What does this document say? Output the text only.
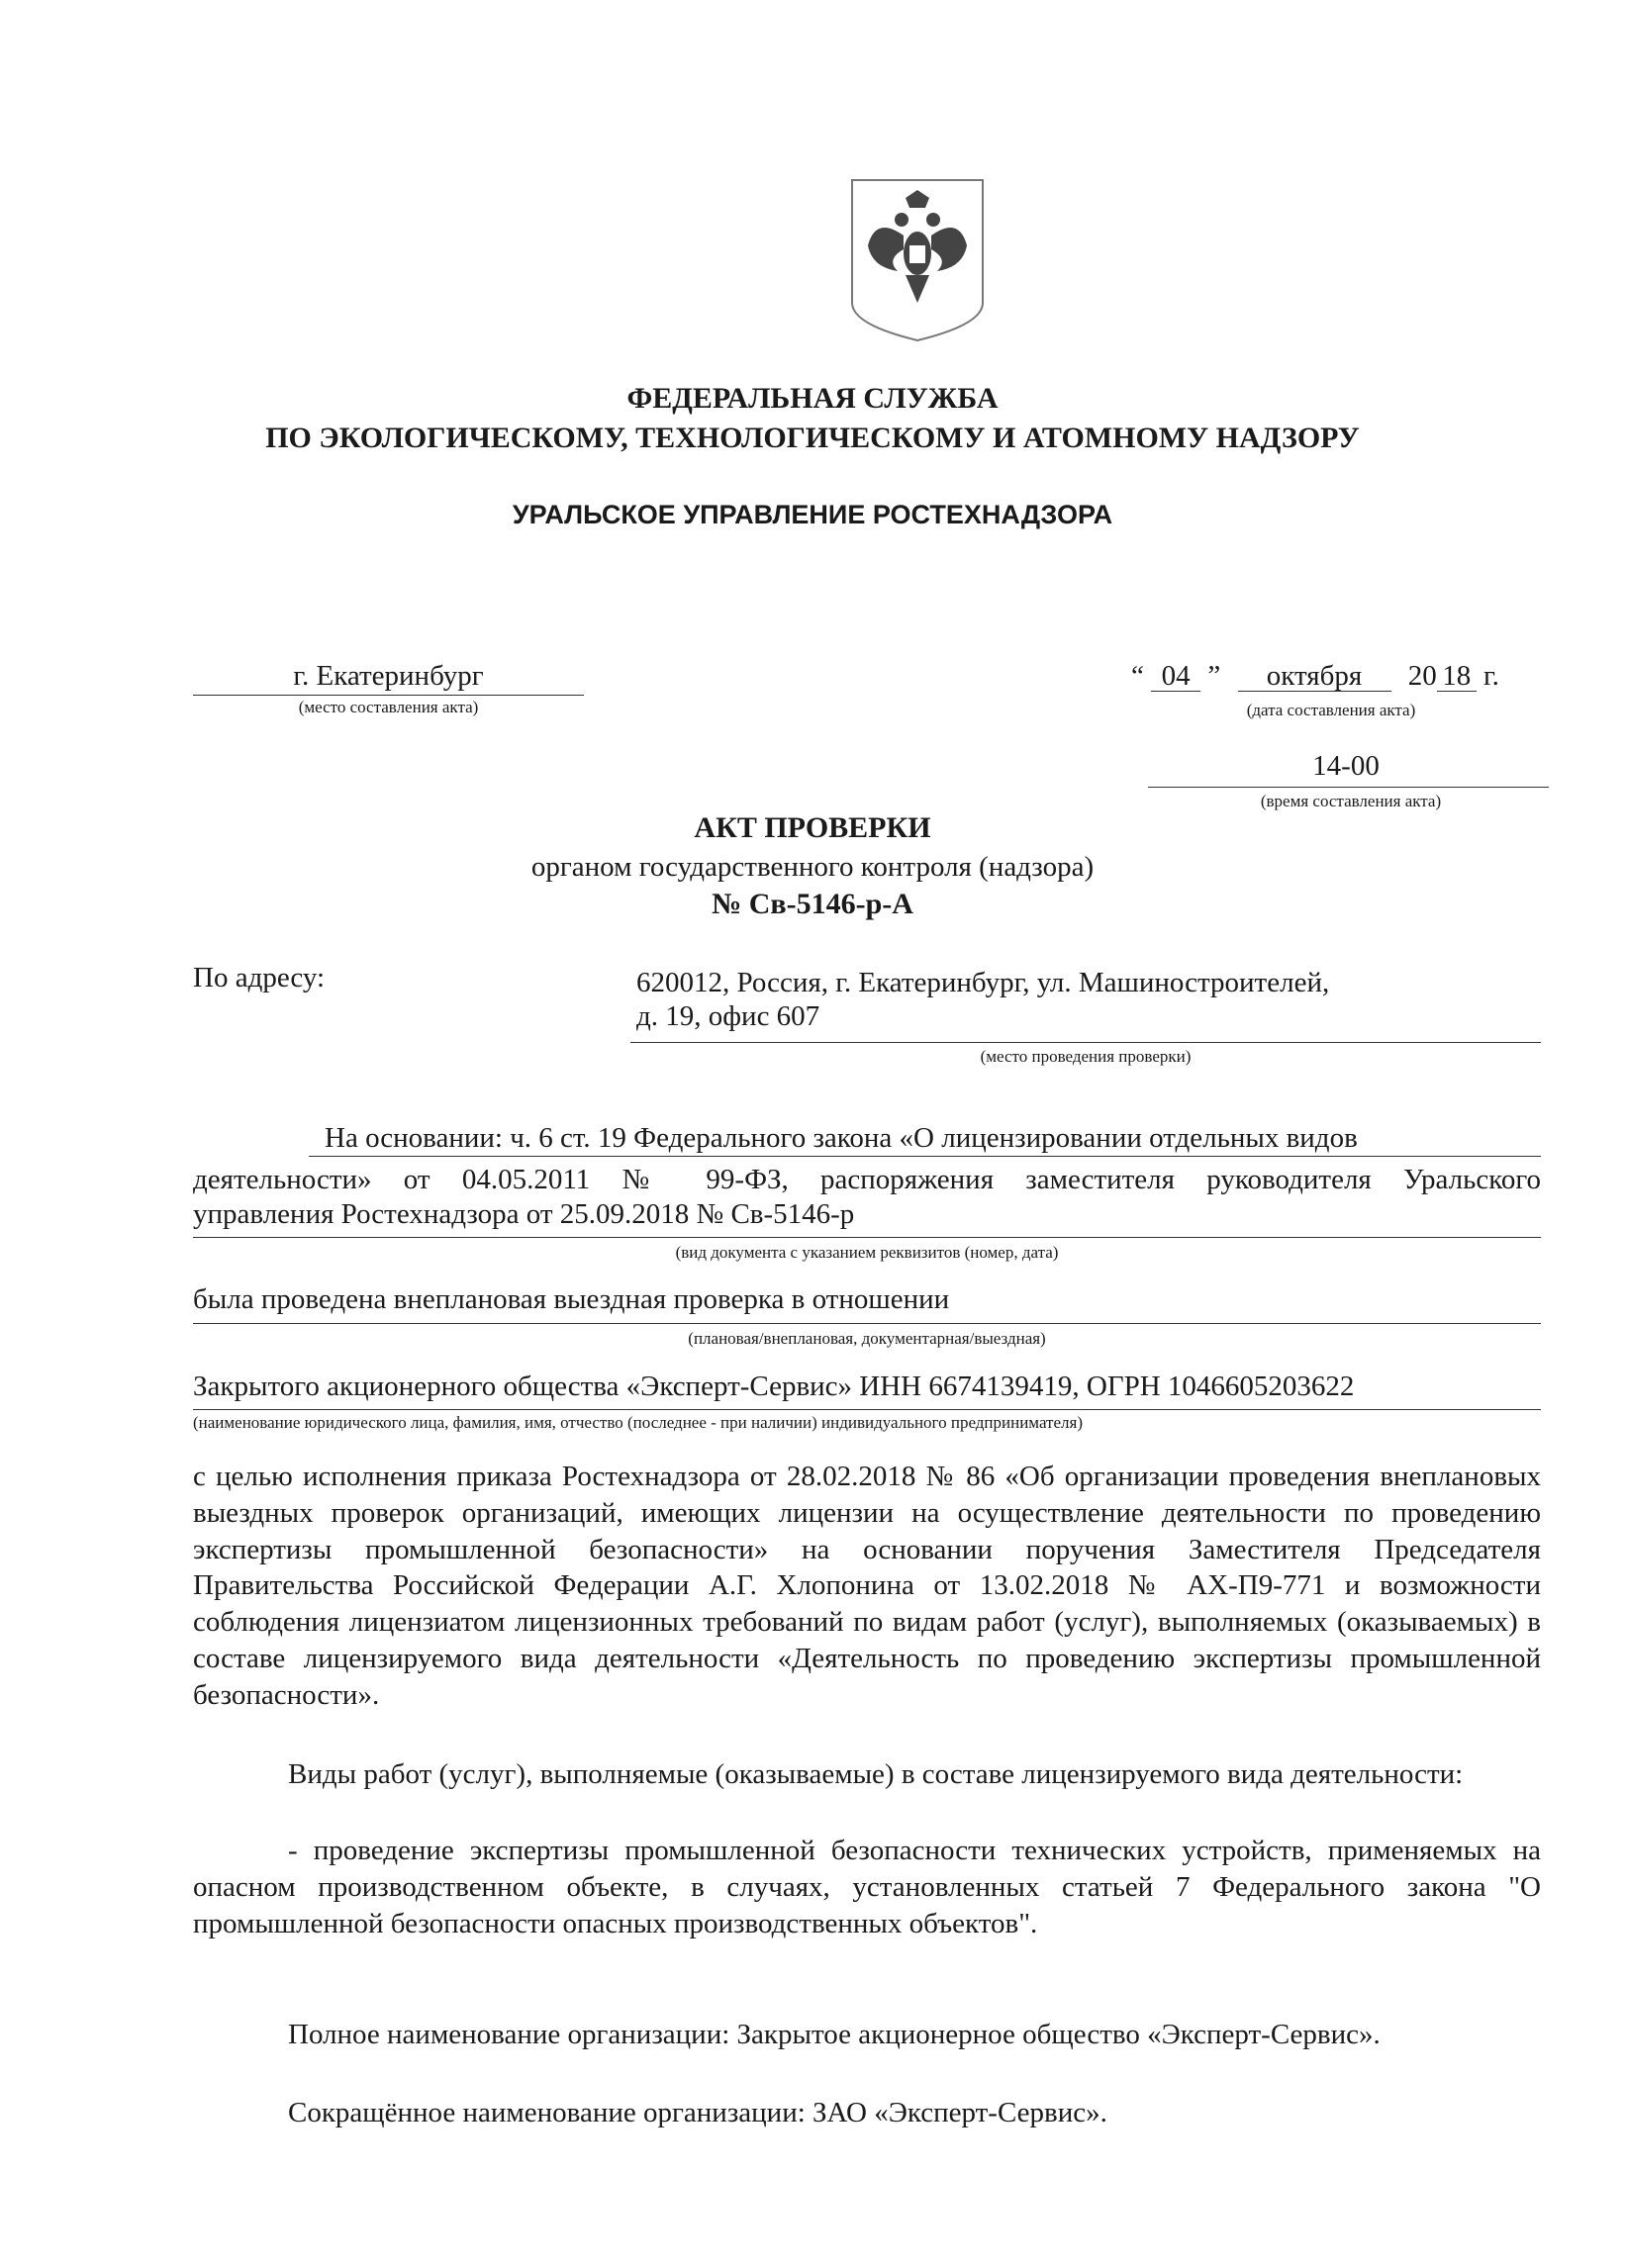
ФЕДЕРАЛЬНАЯ СЛУЖБА
ПО ЭКОЛОГИЧЕСКОМУ, ТЕХНОЛОГИЧЕСКОМУ И АТОМНОМУ НАДЗОРУ
УРАЛЬСКОЕ УПРАВЛЕНИЕ РОСТЕХНАДЗОРА
г. Екатеринбург
(место составления акта)
“ 04 ” октября 20 18 г.
(дата составления акта)
14-00
(время составления акта)
АКТ ПРОВЕРКИ
органом государственного контроля (надзора)
№ Св-5146-р-А
По адресу:	620012, Россия, г. Екатеринбург, ул. Машиностроителей,
д. 19, офис 607
(место проведения проверки)
На основании: ч. 6 ст. 19 Федерального закона «О лицензировании отдельных видов
деятельности» от 04.05.2011 № 99-ФЗ, распоряжения заместителя руководителя Уральского
управления Ростехнадзора от 25.09.2018 № Св-5146-р
(вид документа с указанием реквизитов (номер, дата)
была проведена внеплановая выездная проверка в отношении
(плановая/внеплановая, документарная/выездная)
Закрытого акционерного общества «Эксперт-Сервис» ИНН 6674139419, ОГРН 1046605203622
(наименование юридического лица, фамилия, имя, отчество (последнее - при наличии) индивидуального предпринимателя)
с целью исполнения приказа Ростехнадзора от 28.02.2018 № 86 «Об организации проведения внеплановых выездных проверок организаций, имеющих лицензии на осуществление деятельности по проведению экспертизы промышленной безопасности» на основании поручения Заместителя Председателя Правительства Российской Федерации А.Г. Хлопонина от 13.02.2018 № АХ-П9-771 и возможности соблюдения лицензиатом лицензионных требований по видам работ (услуг), выполняемых (оказываемых) в составе лицензируемого вида деятельности «Деятельность по проведению экспертизы промышленной безопасности».
Виды работ (услуг), выполняемые (оказываемые) в составе лицензируемого вида деятельности:
- проведение экспертизы промышленной безопасности технических устройств, применяемых на опасном производственном объекте, в случаях, установленных статьей 7 Федерального закона "О промышленной безопасности опасных производственных объектов".
Полное наименование организации: Закрытое акционерное общество «Эксперт-Сервис».
Сокращённое наименование организации: ЗАО «Эксперт-Сервис».
